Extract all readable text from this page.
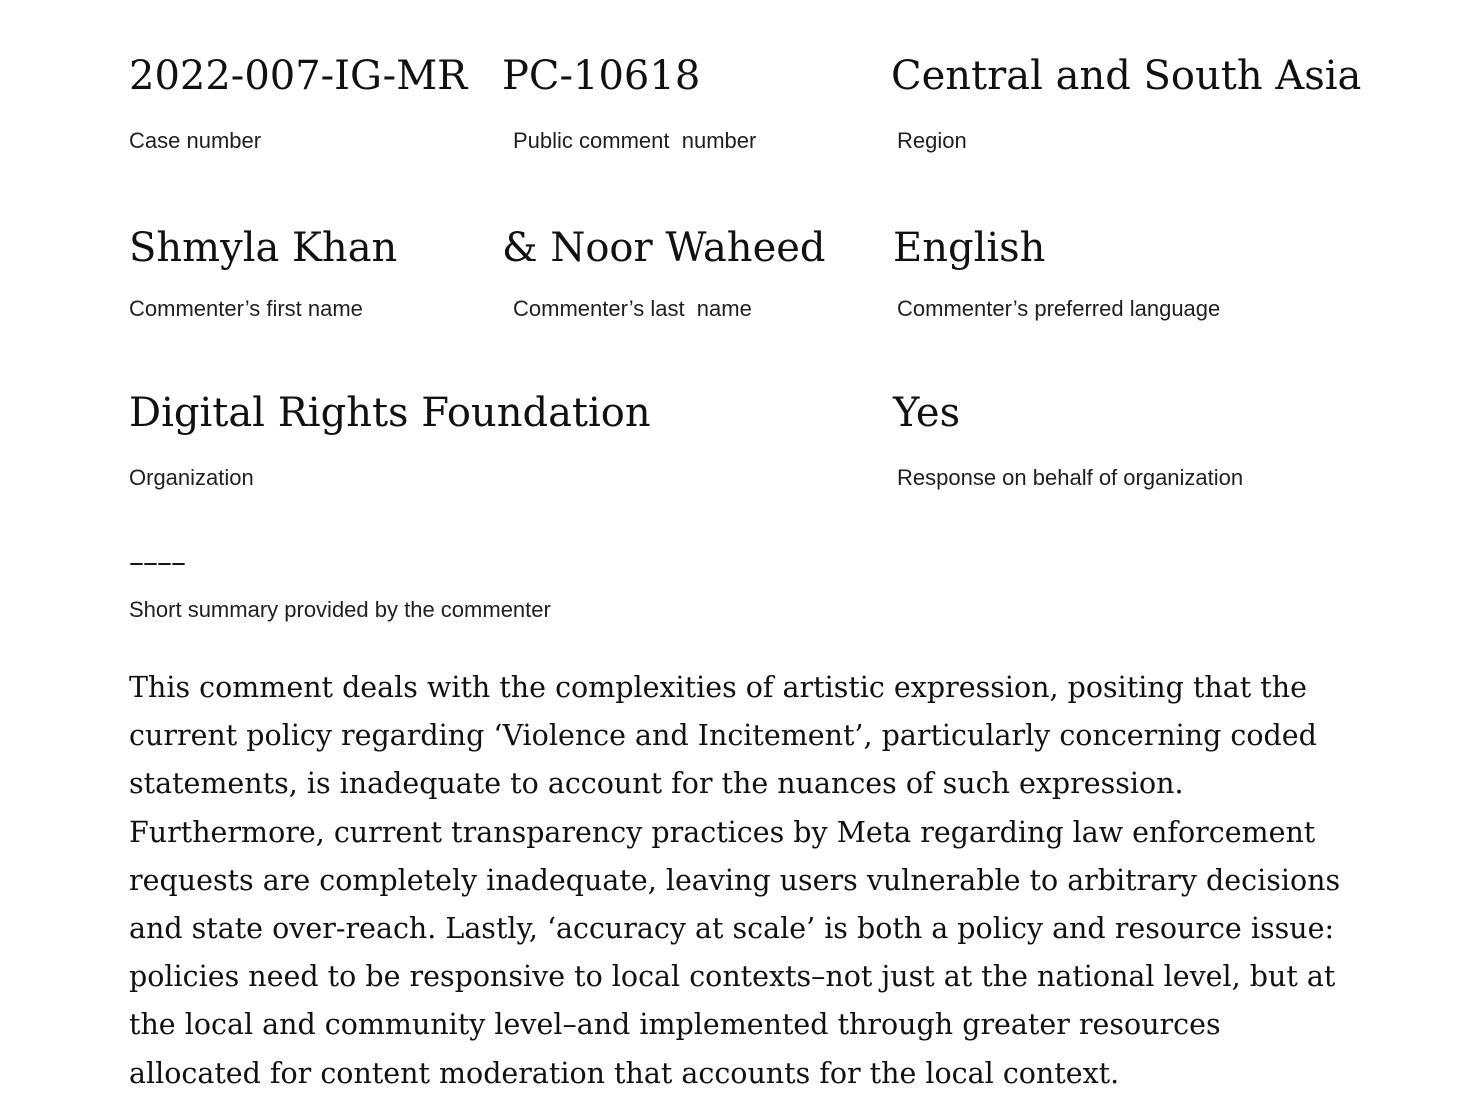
2022-007-IG-MR
Case number
PC-10618
Public comment  number
Central and South Asia
Region
Shmyla Khan
Commenter’s first name
& Noor Waheed
Commenter’s last  name
English
Commenter’s preferred language
Digital Rights Foundation
Organization
Yes
Response on behalf of organization
––––
Short summary provided by the commenter
This comment deals with the complexities of artistic expression, positing that the
current policy regarding ‘Violence and Incitement’, particularly concerning coded
statements, is inadequate to account for the nuances of such expression.
Furthermore, current transparency practices by Meta regarding law enforcement
requests are completely inadequate, leaving users vulnerable to arbitrary decisions
and state over-reach. Lastly, ‘accuracy at scale’ is both a policy and resource issue:
policies need to be responsive to local contexts–not just at the national level, but at
the local and community level–and implemented through greater resources
allocated for content moderation that accounts for the local context.
